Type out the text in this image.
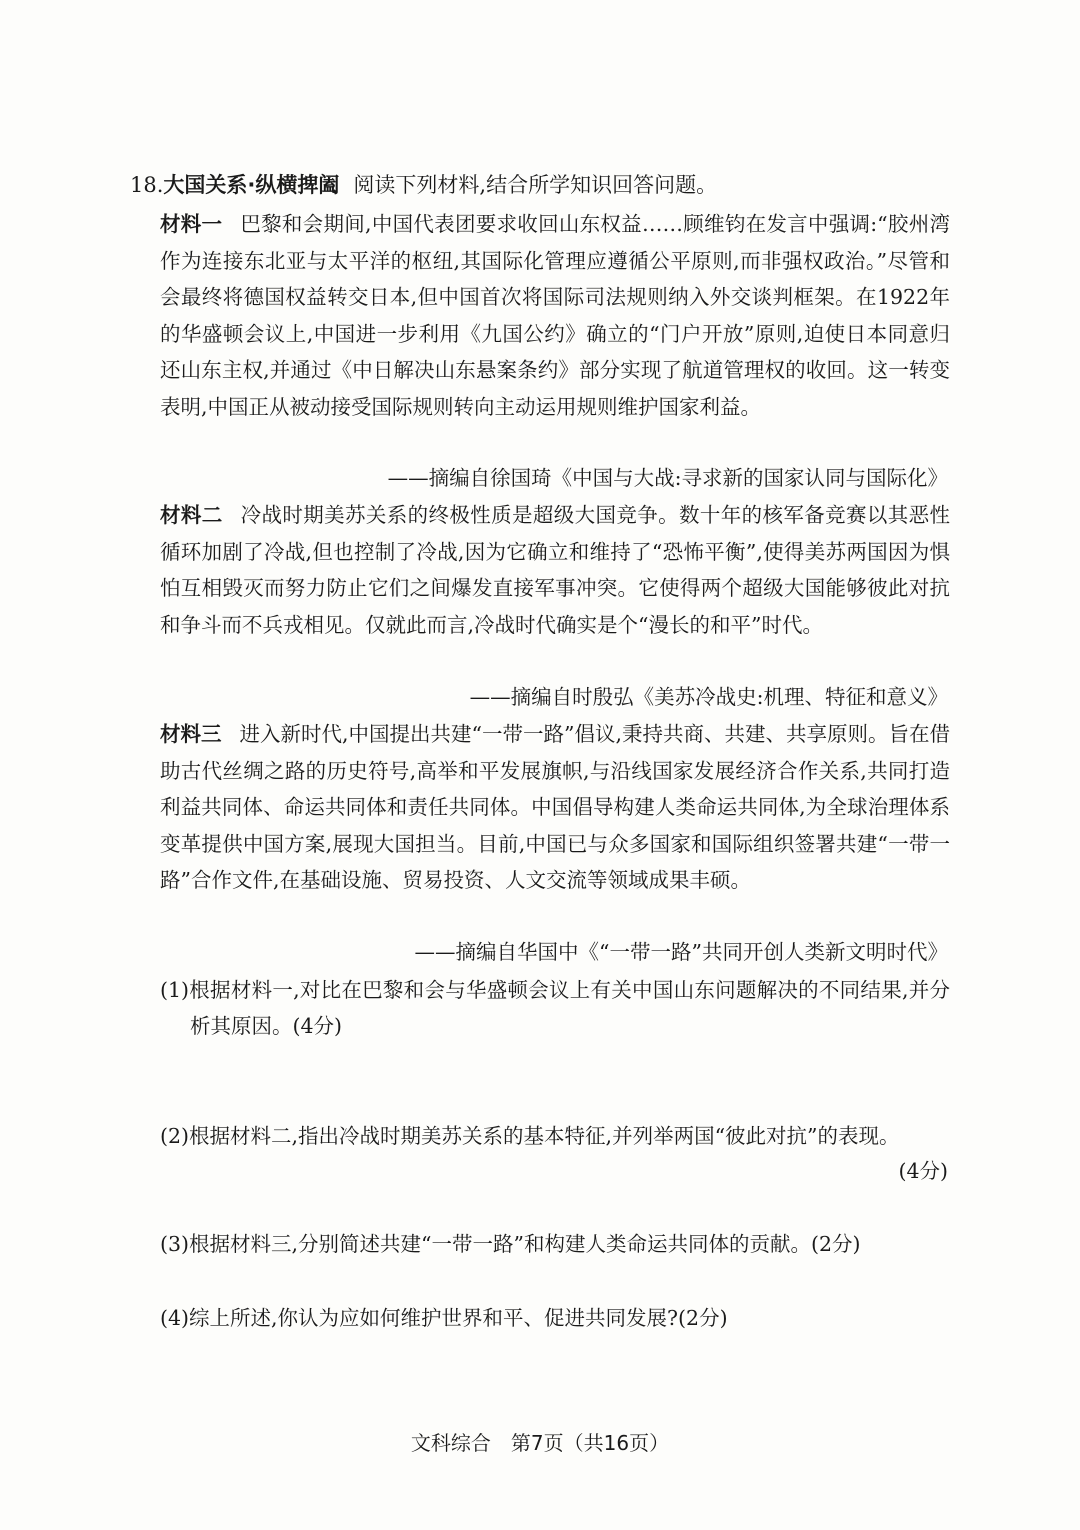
18.大国关系·纵横捭阖 阅读下列材料,结合所学知识回答问题。
材料一 巴黎和会期间,中国代表团要求收回山东权益……顾维钧在发言中强调:“胶州湾作为连接东北亚与太平洋的枢纽,其国际化管理应遵循公平原则,而非强权政治。”尽管和会最终将德国权益转交日本,但中国首次将国际司法规则纳入外交谈判框架。在1922年的华盛顿会议上,中国进一步利用《九国公约》确立的“门户开放”原则,迫使日本同意归还山东主权,并通过《中日解决山东悬案条约》部分实现了航道管理权的收回。这一转变表明,中国正从被动接受国际规则转向主动运用规则维护国家利益。
——摘编自徐国琦《中国与大战:寻求新的国家认同与国际化》
材料二 冷战时期美苏关系的终极性质是超级大国竞争。数十年的核军备竞赛以其恶性循环加剧了冷战,但也控制了冷战,因为它确立和维持了“恐怖平衡”,使得美苏两国因为惧怕互相毁灭而努力防止它们之间爆发直接军事冲突。它使得两个超级大国能够彼此对抗和争斗而不兵戎相见。仅就此而言,冷战时代确实是个“漫长的和平”时代。
——摘编自时殷弘《美苏冷战史:机理、特征和意义》
材料三 进入新时代,中国提出共建“一带一路”倡议,秉持共商、共建、共享原则。旨在借助古代丝绸之路的历史符号,高举和平发展旗帜,与沿线国家发展经济合作关系,共同打造利益共同体、命运共同体和责任共同体。中国倡导构建人类命运共同体,为全球治理体系变革提供中国方案,展现大国担当。目前,中国已与众多国家和国际组织签署共建“一带一路”合作文件,在基础设施、贸易投资、人文交流等领域成果丰硕。
——摘编自华国中《“一带一路”共同开创人类新文明时代》
(1)根据材料一,对比在巴黎和会与华盛顿会议上有关中国山东问题解决的不同结果,并分析其原因。(4分)
(2)根据材料二,指出冷战时期美苏关系的基本特征,并列举两国“彼此对抗”的表现。
(4分)
(3)根据材料三,分别简述共建“一带一路”和构建人类命运共同体的贡献。(2分)
(4)综上所述,你认为应如何维护世界和平、促进共同发展?(2分)
文科综合　第7页（共16页）
